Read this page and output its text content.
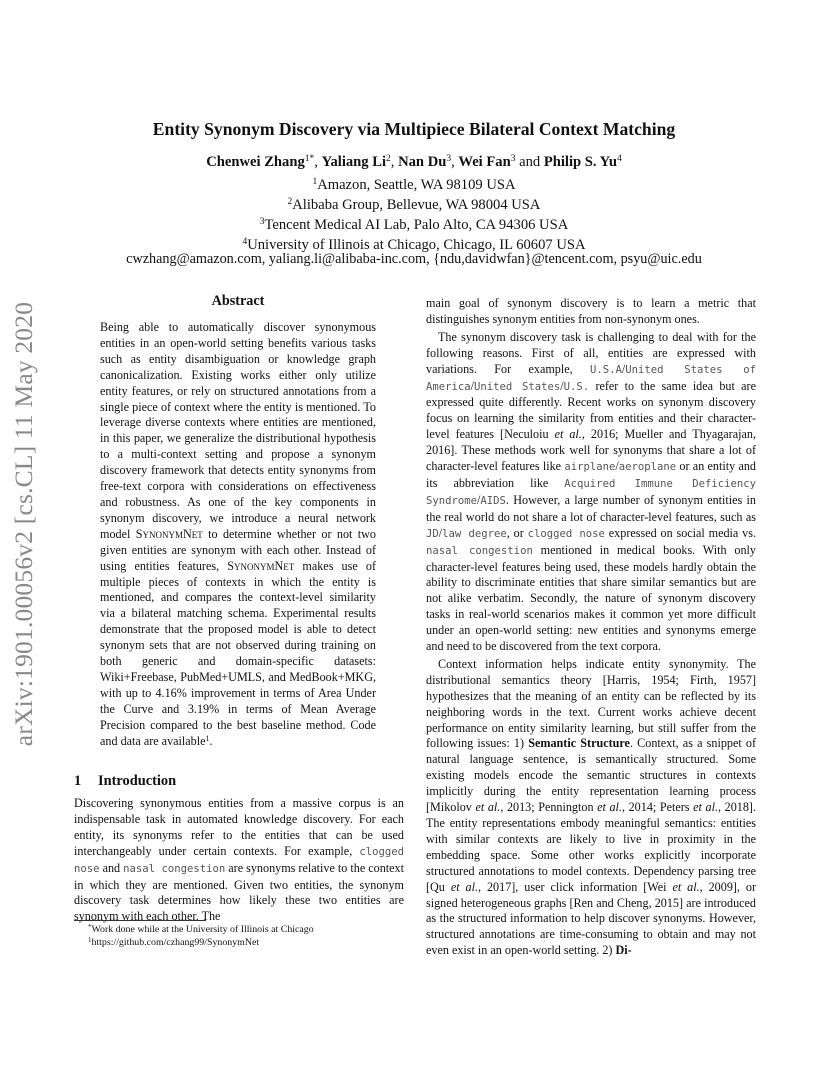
arXiv:1901.00056v2 [cs.CL] 11 May 2020
Entity Synonym Discovery via Multipiece Bilateral Context Matching
Chenwei Zhang$^{1*}$, Yaliang Li$^2$, Nan Du$^3$, Wei Fan$^3$ and Philip S. Yu$^4$
$^1$Amazon, Seattle, WA 98109 USA
$^2$Alibaba Group, Bellevue, WA 98004 USA
$^3$Tencent Medical AI Lab, Palo Alto, CA 94306 USA
$^4$University of Illinois at Chicago, Chicago, IL 60607 USA
cwzhang@amazon.com, yaliang.li@alibaba-inc.com, {ndu,davidwfan}@tencent.com, psyu@uic.edu
Abstract
Being able to automatically discover synonymous entities in an open-world setting benefits various tasks such as entity disambiguation or knowledge graph canonicalization. Existing works either only utilize entity features, or rely on structured annotations from a single piece of context where the entity is mentioned. To leverage diverse contexts where entities are mentioned, in this paper, we generalize the distributional hypothesis to a multi-context setting and propose a synonym discovery framework that detects entity synonyms from free-text corpora with considerations on effectiveness and robustness. As one of the key components in synonym discovery, we introduce a neural network model SynonymNet to determine whether or not two given entities are synonym with each other. Instead of using entities features, SynonymNet makes use of multiple pieces of contexts in which the entity is mentioned, and compares the context-level similarity via a bilateral matching schema. Experimental results demonstrate that the proposed model is able to detect synonym sets that are not observed during training on both generic and domain-specific datasets: Wiki+Freebase, PubMed+UMLS, and MedBook+MKG, with up to 4.16% improvement in terms of Area Under the Curve and 3.19% in terms of Mean Average Precision compared to the best baseline method. Code and data are available$^1$.
1 Introduction
Discovering synonymous entities from a massive corpus is an indispensable task in automated knowledge discovery. For each entity, its synonyms refer to the entities that can be used interchangeably under certain contexts. For example, clogged nose and nasal congestion are synonyms relative to the context in which they are mentioned. Given two entities, the synonym discovery task determines how likely these two entities are synonym with each other. The
*Work done while at the University of Illinois at Chicago
$^1$https://github.com/czhang99/SynonymNet

main goal of synonym discovery is to learn a metric that distinguishes synonym entities from non-synonym ones.

The synonym discovery task is challenging to deal with for the following reasons. First of all, entities are expressed with variations. For example, U.S.A/United States of America/United States/U.S. refer to the same idea but are expressed quite differently. Recent works on synonym discovery focus on learning the similarity from entities and their character-level features [Neculoiu et al., 2016; Mueller and Thyagarajan, 2016]. These methods work well for synonyms that share a lot of character-level features like airplane/aeroplane or an entity and its abbreviation like Acquired Immune Deficiency Syndrome/AIDS. However, a large number of synonym entities in the real world do not share a lot of character-level features, such as JD/law degree, or clogged nose expressed on social media vs. nasal congestion mentioned in medical books. With only character-level features being used, these models hardly obtain the ability to discriminate entities that share similar semantics but are not alike verbatim. Secondly, the nature of synonym discovery tasks in real-world scenarios makes it common yet more difficult under an open-world setting: new entities and synonyms emerge and need to be discovered from the text corpora.

Context information helps indicate entity synonymity. The distributional semantics theory [Harris, 1954; Firth, 1957] hypothesizes that the meaning of an entity can be reflected by its neighboring words in the text. Current works achieve decent performance on entity similarity learning, but still suffer from the following issues: 1) Semantic Structure. Context, as a snippet of natural language sentence, is semantically structured. Some existing models encode the semantic structures in contexts implicitly during the entity representation learning process [Mikolov et al., 2013; Pennington et al., 2014; Peters et al., 2018]. The entity representations embody meaningful semantics: entities with similar contexts are likely to live in proximity in the embedding space. Some other works explicitly incorporate structured annotations to model contexts. Dependency parsing tree [Qu et al., 2017], user click information [Wei et al., 2009], or signed heterogeneous graphs [Ren and Cheng, 2015] are introduced as the structured information to help discover synonyms. However, structured annotations are time-consuming to obtain and may not even exist in an open-world setting. 2) Di-
